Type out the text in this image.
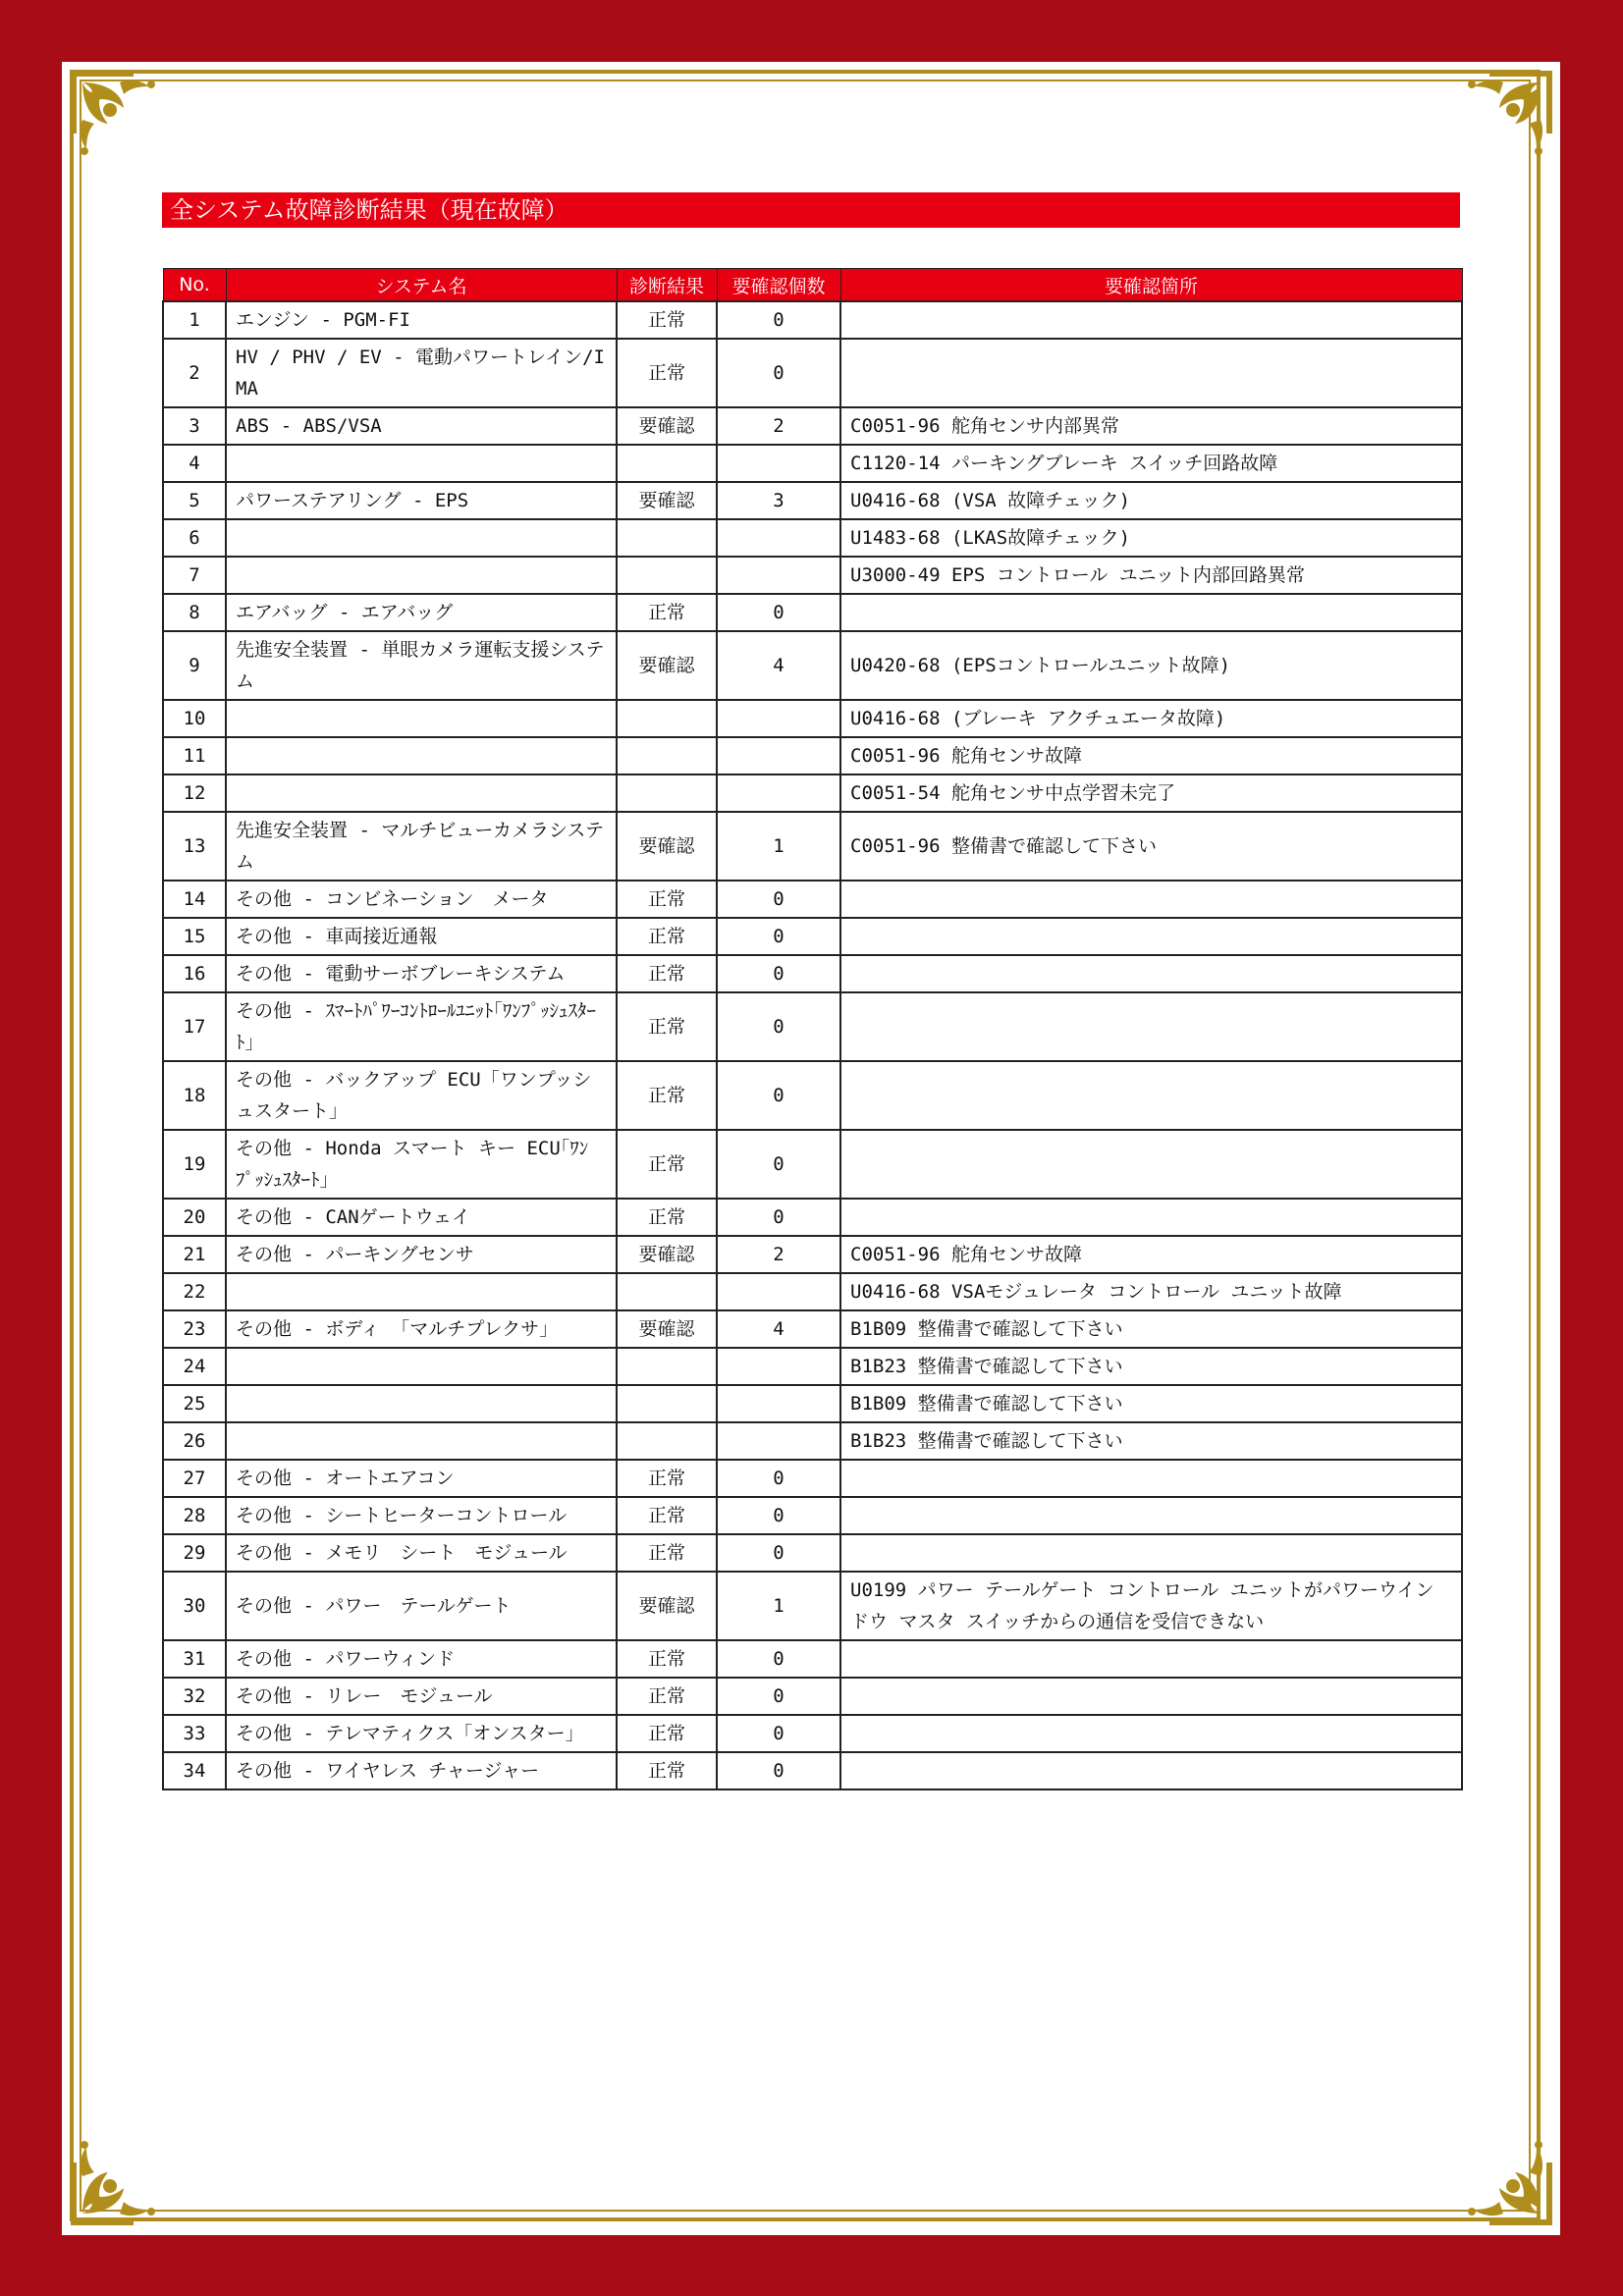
全システム故障診断結果（現在故障）
No.	システム名	診断結果	要確認個数	要確認箇所
1	エンジン - PGM-FI	正常	0	
2	HV / PHV / EV - 電動パワートレイン/IMA	正常	0	
3	ABS - ABS/VSA	要確認	2	C0051-96 舵角センサ内部異常
4				C1120-14 パーキングブレーキ スイッチ回路故障
5	パワーステアリング - EPS	要確認	3	U0416-68 (VSA 故障チェック)
6				U1483-68 (LKAS故障チェック)
7				U3000-49 EPS コントロール ユニット内部回路異常
8	エアバッグ - エアバッグ	正常	0	
9	先進安全装置 - 単眼カメラ運転支援システム	要確認	4	U0420-68 (EPSコントロールユニット故障)
10				U0416-68 (ブレーキ アクチュエータ故障)
11				C0051-96 舵角センサ故障
12				C0051-54 舵角センサ中点学習未完了
13	先進安全装置 - マルチビューカメラシステム	要確認	1	C0051-96 整備書で確認して下さい
14	その他 - コンビネーション　メータ	正常	0	
15	その他 - 車両接近通報	正常	0	
16	その他 - 電動サーボブレーキシステム	正常	0	
17	その他 - ｽﾏｰﾄﾊﾟﾜｰｺﾝﾄﾛｰﾙﾕﾆｯﾄ｢ﾜﾝﾌﾟｯｼｭｽﾀｰﾄ｣	正常	0	
18	その他 - バックアップ ECU「ワンプッシュスタート」	正常	0	
19	その他 - Honda スマート キー ECU｢ﾜﾝﾌﾟｯｼｭｽﾀｰﾄ｣	正常	0	
20	その他 - CANゲートウェイ	正常	0	
21	その他 - パーキングセンサ	要確認	2	C0051-96 舵角センサ故障
22				U0416-68 VSAモジュレータ コントロール ユニット故障
23	その他 - ボディ 「マルチプレクサ」	要確認	4	B1B09 整備書で確認して下さい
24				B1B23 整備書で確認して下さい
25				B1B09 整備書で確認して下さい
26				B1B23 整備書で確認して下さい
27	その他 - オートエアコン	正常	0	
28	その他 - シートヒーターコントロール	正常	0	
29	その他 - メモリ　シート　モジュール	正常	0	
30	その他 - パワー　テールゲート	要確認	1	U0199 パワー テールゲート コントロール ユニットがパワーウインドウ マスタ スイッチからの通信を受信できない
31	その他 - パワーウィンド	正常	0	
32	その他 - リレー　モジュール	正常	0	
33	その他 - テレマティクス「オンスター」	正常	0	
34	その他 - ワイヤレス チャージャー	正常	0	
